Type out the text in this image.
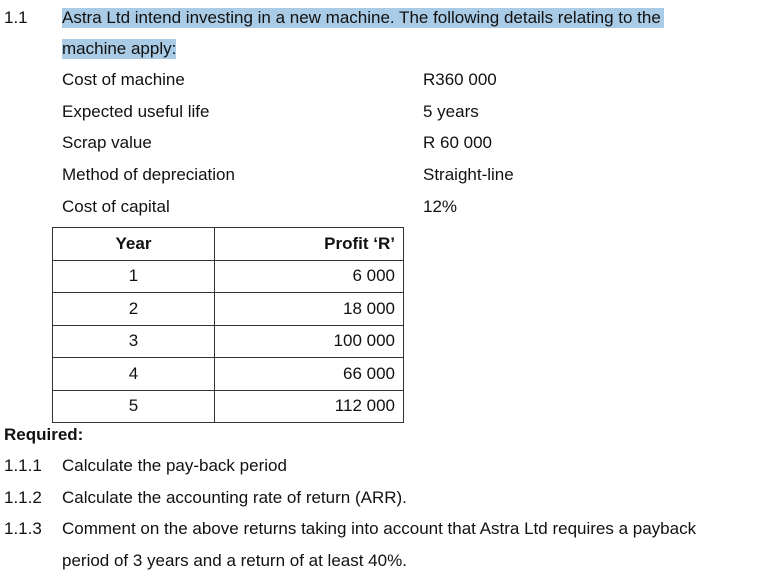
1.1 Astra Ltd intend investing in a new machine. The following details relating to the
machine apply:
Cost of machine	R360 000
Expected useful life	5 years
Scrap value	R 60 000
Method of depreciation	Straight-line
Cost of capital	12%
Year	Profit ‘R’
1	6 000
2	18 000
3	100 000
4	66 000
5	112 000
Required:
1.1.1 Calculate the pay-back period
1.1.2 Calculate the accounting rate of return (ARR).
1.1.3 Comment on the above returns taking into account that Astra Ltd requires a payback
period of 3 years and a return of at least 40%.
